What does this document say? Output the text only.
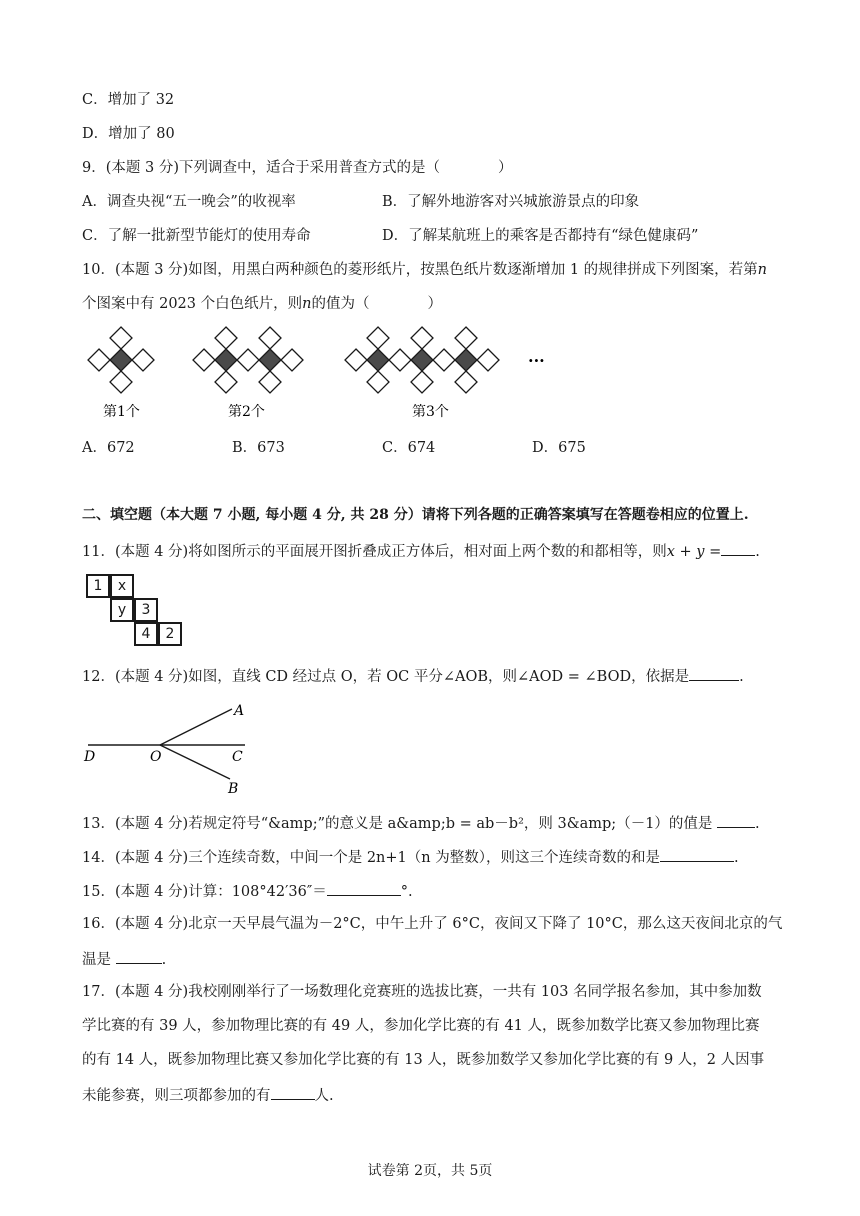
C．增加了 32
D．增加了 80
9．(本题 3 分)下列调查中，适合于采用普查方式的是（　　　　）
A．调查央视“五一晚会”的收视率	B．了解外地游客对兴城旅游景点的印象
C．了解一批新型节能灯的使用寿命	D．了解某航班上的乘客是否都持有“绿色健康码”
10．(本题 3 分)如图，用黑白两种颜色的菱形纸片，按黑色纸片数逐渐增加 1 的规律拼成下列图案，若第n
个图案中有 2023 个白色纸片，则n的值为（　　　　）
第1个	第2个	第3个
···
A．672	B．673	C．674	D．675
二、填空题（本大题 7 小题, 每小题 4 分, 共 28 分）请将下列各题的正确答案填写在答题卷相应的位置上.
11．(本题 4 分)将如图所示的平面展开图折叠成正方体后，相对面上两个数的和都相等，则x + y = .
1	x
y	3
4	2
12．(本题 4 分)如图，直线 CD 经过点 O，若 OC 平分∠AOB，则∠AOD = ∠BOD，依据是	.
A
C
D	O
B
13．(本题 4 分)若规定符号“&amp;”的意义是 a&amp;b = ab－b²，则 3&amp;（－1）的值是	.
14．(本题 4 分)三个连续奇数，中间一个是 2n+1（n 为整数），则这三个连续奇数的和是	.
15．(本题 4 分)计算：108°42′36″＝	°.
16．(本题 4 分)北京一天早晨气温为－2°C，中午上升了 6°C，夜间又下降了 10°C，那么这天夜间北京的气
温是	.
17．(本题 4 分)我校刚刚举行了一场数理化竞赛班的选拔比赛，一共有 103 名同学报名参加，其中参加数
学比赛的有 39 人，参加物理比赛的有 49 人，参加化学比赛的有 41 人，既参加数学比赛又参加物理比赛
的有 14 人，既参加物理比赛又参加化学比赛的有 13 人，既参加数学又参加化学比赛的有 9 人，2 人因事
未能参赛，则三项都参加的有	人.
试卷第 2页，共 5页
